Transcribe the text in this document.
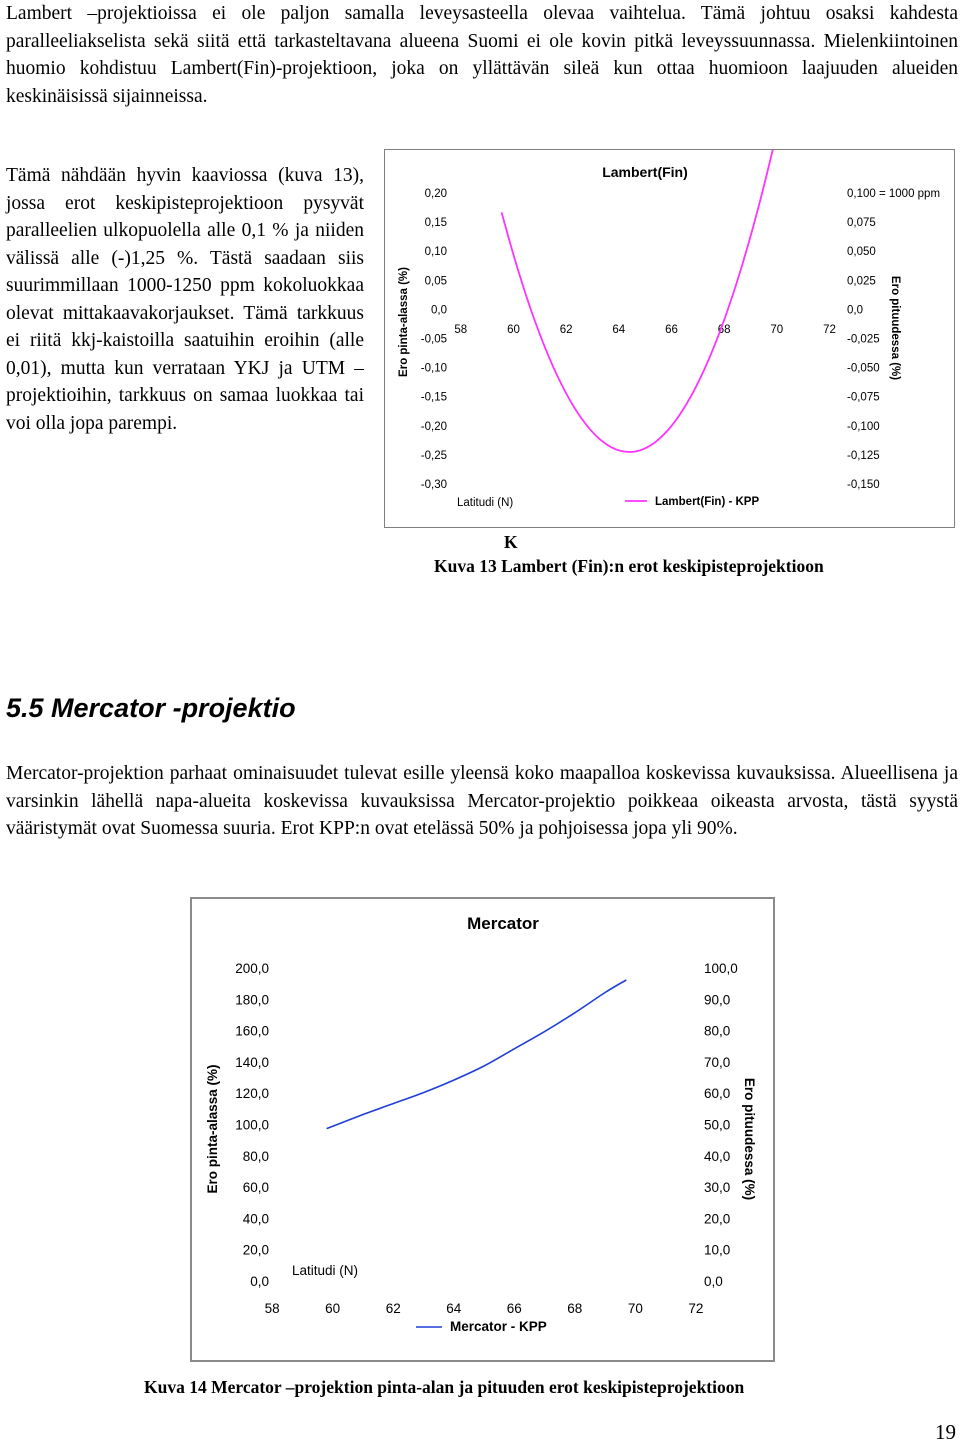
Lambert –projektioissa ei ole paljon samalla leveysasteella olevaa vaihtelua. Tämä johtuu osaksi kahdesta paralleeliakselista sekä siitä että tarkasteltavana alueena Suomi ei ole kovin pitkä leveyssuunnassa. Mielenkiintoinen huomio kohdistuu Lambert(Fin)-projektioon, joka on yllättävän sileä kun ottaa huomioon laajuuden alueiden keskinäisissä sijainneissa.

Tämä nähdään hyvin kaaviossa (kuva 13), jossa erot keskipisteprojektioon pysyvät paralleelien ulkopuolella alle 0,1 % ja niiden välissä alle (-)1,25 %. Tästä saadaan siis suurimmillaan 1000-1250 ppm kokoluokkaa olevat mittakaavakorjaukset. Tämä tarkkuus ei riitä kkj-kaistoilla saatuihin eroihin (alle 0,01), mutta kun verrataan YKJ ja UTM –projektioihin, tarkkuus on samaa luokkaa tai voi olla jopa parempi.

Lambert(Fin)
0,20
0,15
0,10
0,05
0,0
-0,05
-0,10
-0,15
-0,20
-0,25
-0,30
0,100 = 1000 ppm
0,075
0,050
0,025
0,0
-0,025
-0,050
-0,075
-0,100
-0,125
-0,150
58	60	62	64	66	68	70	72
Latitudi (N)
Ero pinta-alassa (%)	Ero pituudessa (%)
Lambert(Fin) - KPP
K

Kuva 13 Lambert (Fin):n erot keskipisteprojektioon

5.5 Mercator -projektio

Mercator-projektion parhaat ominaisuudet tulevat esille yleensä koko maapalloa koskevissa kuvauksissa. Alueellisena ja varsinkin lähellä napa-alueita koskevissa kuvauksissa Mercator-projektio poikkeaa oikeasta arvosta, tästä syystä vääristymät ovat Suomessa suuria. Erot KPP:n ovat etelässä 50% ja pohjoisessa jopa yli 90%.

Mercator
200,0
180,0
160,0
140,0
120,0
100,0
80,0
60,0
40,0
20,0
0,0
100,0
90,0
80,0
70,0
60,0
50,0
40,0
30,0
20,0
10,0
0,0
58	60	62	64	66	68	70	72
Latitudi (N)
Ero pinta-alassa (%)	Ero pituudessa (%)
Mercator - KPP

Kuva 14 Mercator –projektion pinta-alan ja pituuden erot keskipisteprojektioon

19
